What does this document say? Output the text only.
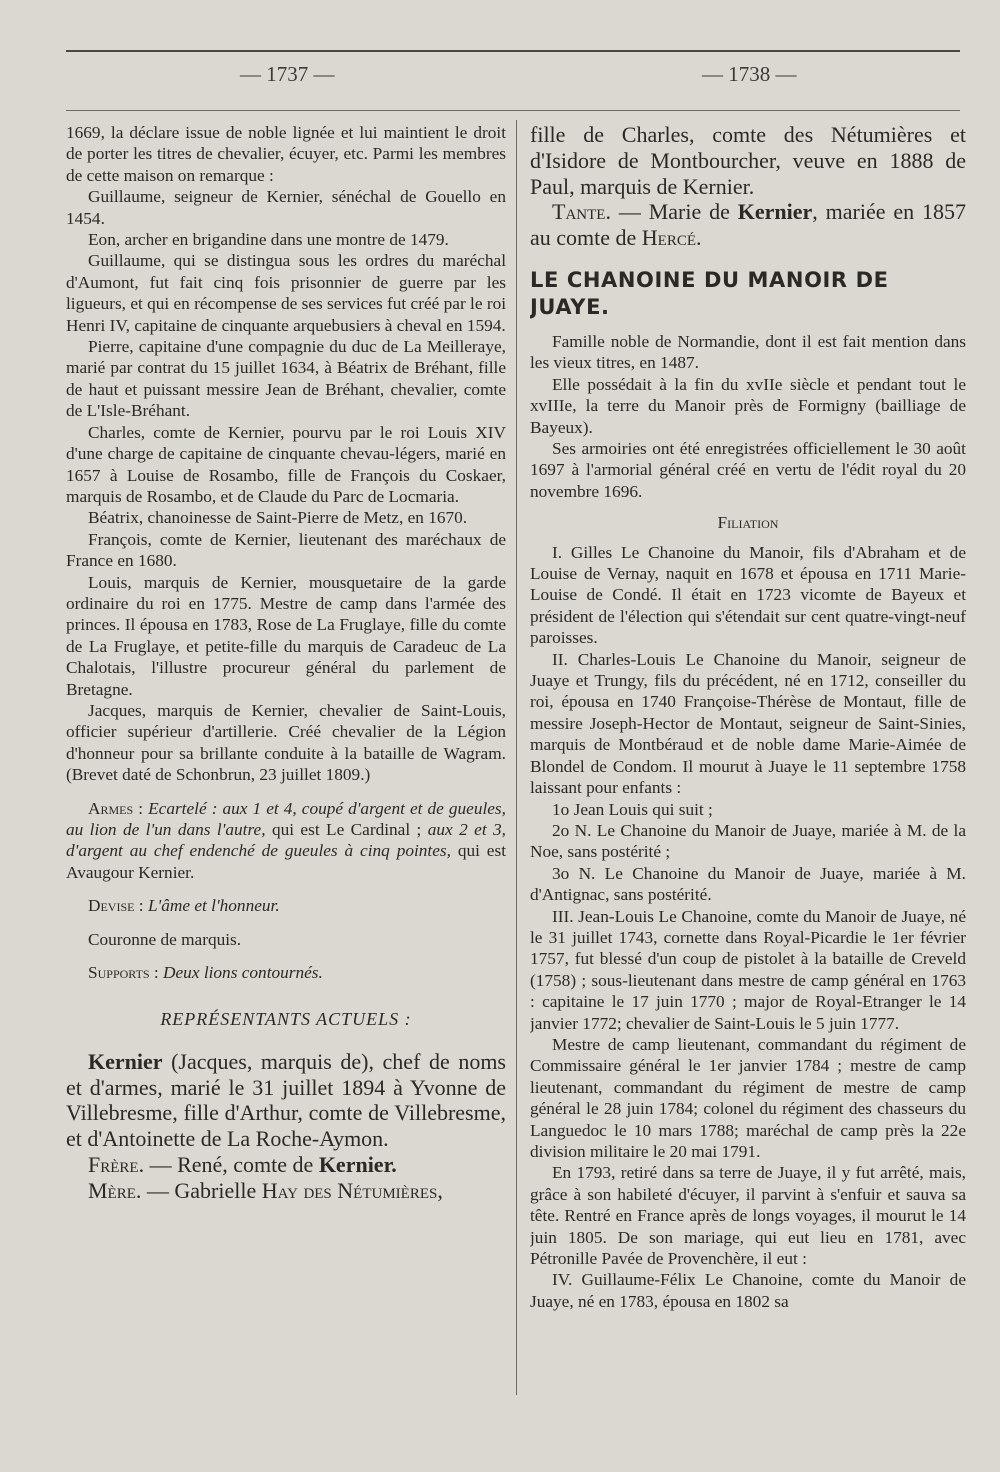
— 1737 —	— 1738 —

1669, la déclare issue de noble lignée et lui maintient le droit de porter les titres de chevalier, écuyer, etc. Parmi les membres de cette maison on remarque :

Guillaume, seigneur de Kernier, sénéchal de Gouello en 1454.

Eon, archer en brigandine dans une montre de 1479.

Guillaume, qui se distingua sous les ordres du maréchal d'Aumont, fut fait cinq fois prisonnier de guerre par les ligueurs, et qui en récompense de ses services fut créé par le roi Henri IV, capitaine de cinquante arquebusiers à cheval en 1594.

Pierre, capitaine d'une compagnie du duc de La Meilleraye, marié par contrat du 15 juillet 1634, à Béatrix de Bréhant, fille de haut et puissant messire Jean de Bréhant, chevalier, comte de L'Isle-Bréhant.

Charles, comte de Kernier, pourvu par le roi Louis XIV d'une charge de capitaine de cinquante chevau-légers, marié en 1657 à Louise de Rosambo, fille de François du Coskaer, marquis de Rosambo, et de Claude du Parc de Locmaria.

Béatrix, chanoinesse de Saint-Pierre de Metz, en 1670.

François, comte de Kernier, lieutenant des maréchaux de France en 1680.

Louis, marquis de Kernier, mousquetaire de la garde ordinaire du roi en 1775. Mestre de camp dans l'armée des princes. Il épousa en 1783, Rose de La Fruglaye, fille du comte de La Fruglaye, et petite-fille du marquis de Caradeuc de La Chalotais, l'illustre procureur général du parlement de Bretagne.

Jacques, marquis de Kernier, chevalier de Saint-Louis, officier supérieur d'artillerie. Créé chevalier de la Légion d'honneur pour sa brillante conduite à la bataille de Wagram. (Brevet daté de Schonbrun, 23 juillet 1809.)

Armes : Ecartelé : aux 1 et 4, coupé d'argent et de gueules, au lion de l'un dans l'autre, qui est Le Cardinal ; aux 2 et 3, d'argent au chef endenché de gueules à cinq pointes, qui est Avaugour Kernier.

Devise : L'âme et l'honneur.

Couronne de marquis.

Supports : Deux lions contournés.

REPRÉSENTANTS ACTUELS :

Kernier (Jacques, marquis de), chef de noms et d'armes, marié le 31 juillet 1894 à Yvonne de Villebresme, fille d'Arthur, comte de Villebresme, et d'Antoinette de La Roche-Aymon.

Frère. — René, comte de Kernier.

Mère. — Gabrielle Hay des Nétumières,

fille de Charles, comte des Nétumières et d'Isidore de Montbourcher, veuve en 1888 de Paul, marquis de Kernier.

Tante. — Marie de Kernier, mariée en 1857 au comte de Hercé.

LE CHANOINE DU MANOIR DE JUAYE.

Famille noble de Normandie, dont il est fait mention dans les vieux titres, en 1487.

Elle possédait à la fin du xvIIe siècle et pendant tout le xvIIIe, la terre du Manoir près de Formigny (bailliage de Bayeux).

Ses armoiries ont été enregistrées officiellement le 30 août 1697 à l'armorial général créé en vertu de l'édit royal du 20 novembre 1696.

Filiation

I. Gilles Le Chanoine du Manoir, fils d'Abraham et de Louise de Vernay, naquit en 1678 et épousa en 1711 Marie-Louise de Condé. Il était en 1723 vicomte de Bayeux et président de l'élection qui s'étendait sur cent quatre-vingt-neuf paroisses.

II. Charles-Louis Le Chanoine du Manoir, seigneur de Juaye et Trungy, fils du précédent, né en 1712, conseiller du roi, épousa en 1740 Françoise-Thérèse de Montaut, fille de messire Joseph-Hector de Montaut, seigneur de Saint-Sinies, marquis de Montbéraud et de noble dame Marie-Aimée de Blondel de Condom. Il mourut à Juaye le 11 septembre 1758 laissant pour enfants :

1o Jean Louis qui suit ;

2o N. Le Chanoine du Manoir de Juaye, mariée à M. de la Noe, sans postérité ;

3o N. Le Chanoine du Manoir de Juaye, mariée à M. d'Antignac, sans postérité.

III. Jean-Louis Le Chanoine, comte du Manoir de Juaye, né le 31 juillet 1743, cornette dans Royal-Picardie le 1er février 1757, fut blessé d'un coup de pistolet à la bataille de Creveld (1758) ; sous-lieutenant dans mestre de camp général en 1763 : capitaine le 17 juin 1770 ; major de Royal-Etranger le 14 janvier 1772; chevalier de Saint-Louis le 5 juin 1777.

Mestre de camp lieutenant, commandant du régiment de Commissaire général le 1er janvier 1784 ; mestre de camp lieutenant, commandant du régiment de mestre de camp général le 28 juin 1784; colonel du régiment des chasseurs du Languedoc le 10 mars 1788; maréchal de camp près la 22e division militaire le 20 mai 1791.

En 1793, retiré dans sa terre de Juaye, il y fut arrêté, mais, grâce à son habileté d'écuyer, il parvint à s'enfuir et sauva sa tête. Rentré en France après de longs voyages, il mourut le 14 juin 1805. De son mariage, qui eut lieu en 1781, avec Pétronille Pavée de Provenchère, il eut :

IV. Guillaume-Félix Le Chanoine, comte du Manoir de Juaye, né en 1783, épousa en 1802 sa
